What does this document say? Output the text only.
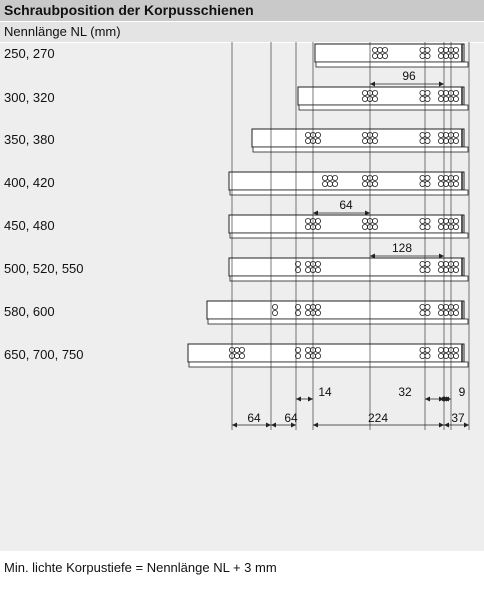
Schraubposition der Korpusschienen
Nennlänge NL (mm)
250, 270
300, 320
350, 380
400, 420
450, 480
500, 520, 550
580, 600
650, 700, 750
96
64
128
14	32	9
64 64	224	37
Min. lichte Korpustiefe = Nennlänge NL + 3 mm
